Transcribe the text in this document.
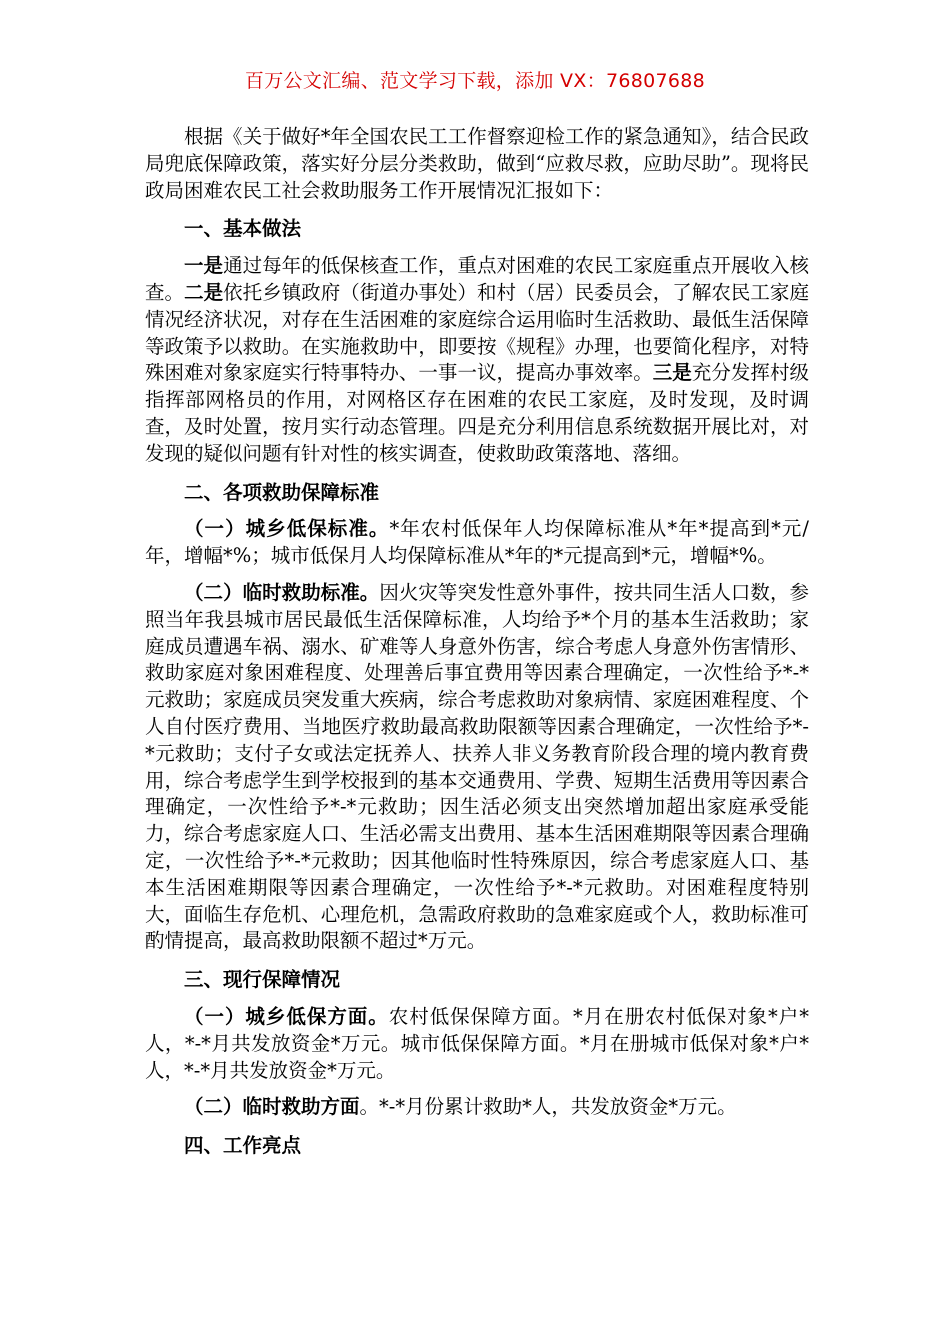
百万公文汇编、范文学习下载，添加 VX：76807688

根据《关于做好*年全国农民工工作督察迎检工作的紧急通知》，结合民政局兜底保障政策，落实好分层分类救助，做到“应救尽救，应助尽助”。现将民政局困难农民工社会救助服务工作开展情况汇报如下：

一、基本做法

一是通过每年的低保核查工作，重点对困难的农民工家庭重点开展收入核查。二是依托乡镇政府（街道办事处）和村（居）民委员会，了解农民工家庭情况经济状况，对存在生活困难的家庭综合运用临时生活救助、最低生活保障等政策予以救助。在实施救助中，即要按《规程》办理，也要简化程序，对特殊困难对象家庭实行特事特办、一事一议，提高办事效率。三是充分发挥村级指挥部网格员的作用，对网格区存在困难的农民工家庭，及时发现，及时调查，及时处置，按月实行动态管理。四是充分利用信息系统数据开展比对，对发现的疑似问题有针对性的核实调查，使救助政策落地、落细。

二、各项救助保障标准

（一）城乡低保标准。*年农村低保年人均保障标准从*年*提高到*元/年，增幅*%；城市低保月人均保障标准从*年的*元提高到*元，增幅*%。

（二）临时救助标准。因火灾等突发性意外事件，按共同生活人口数，参照当年我县城市居民最低生活保障标准，人均给予*个月的基本生活救助；家庭成员遭遇车祸、溺水、矿难等人身意外伤害，综合考虑人身意外伤害情形、救助家庭对象困难程度、处理善后事宜费用等因素合理确定，一次性给予*-*元救助；家庭成员突发重大疾病，综合考虑救助对象病情、家庭困难程度、个人自付医疗费用、当地医疗救助最高救助限额等因素合理确定，一次性给予*-*元救助；支付子女或法定抚养人、扶养人非义务教育阶段合理的境内教育费用，综合考虑学生到学校报到的基本交通费用、学费、短期生活费用等因素合理确定，一次性给予*-*元救助；因生活必须支出突然增加超出家庭承受能力，综合考虑家庭人口、生活必需支出费用、基本生活困难期限等因素合理确定，一次性给予*-*元救助；因其他临时性特殊原因，综合考虑家庭人口、基本生活困难期限等因素合理确定，一次性给予*-*元救助。对困难程度特别大，面临生存危机、心理危机，急需政府救助的急难家庭或个人，救助标准可酌情提高，最高救助限额不超过*万元。

三、现行保障情况

（一）城乡低保方面。农村低保保障方面。*月在册农村低保对象*户*人，*-*月共发放资金*万元。城市低保保障方面。*月在册城市低保对象*户*人，*-*月共发放资金*万元。

（二）临时救助方面。*-*月份累计救助*人，共发放资金*万元。

四、工作亮点
